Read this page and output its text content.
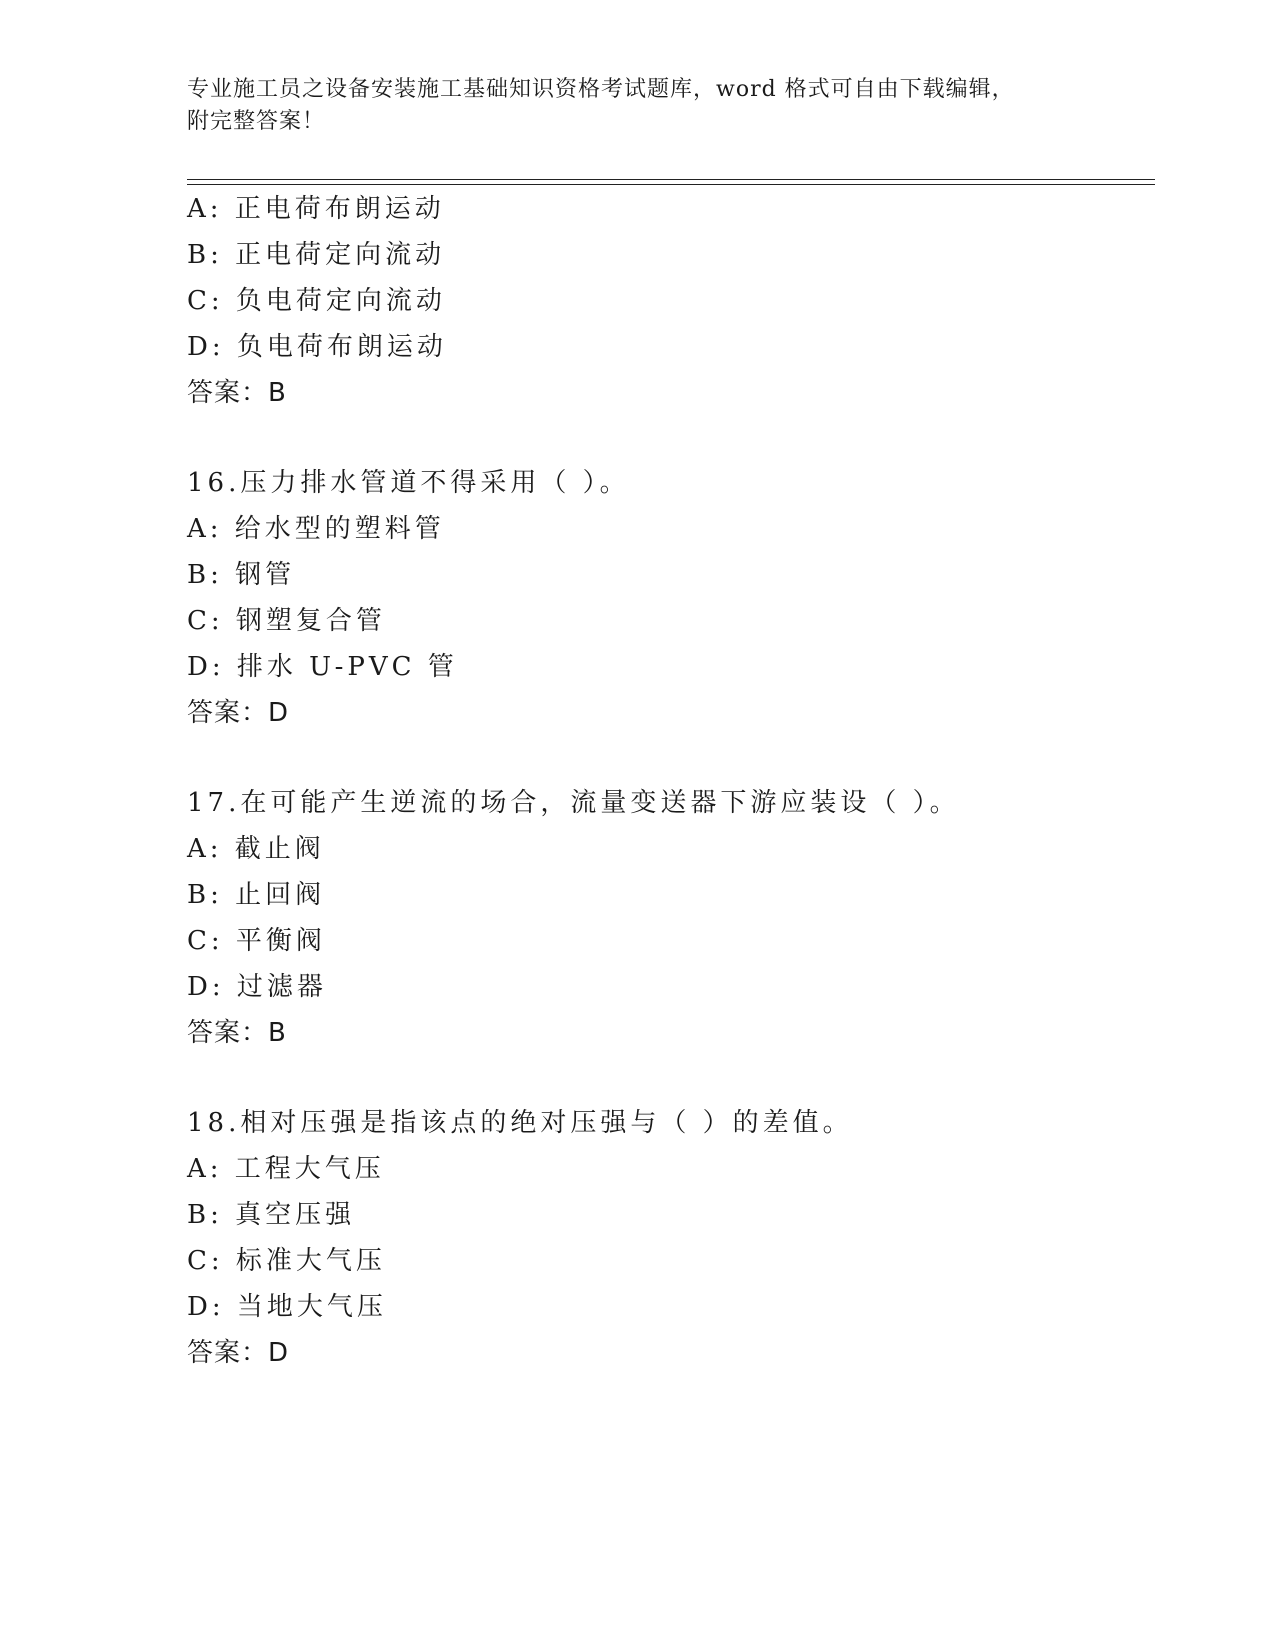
专业施工员之设备安装施工基础知识资格考试题库，word 格式可自由下载编辑，
附完整答案！
A: 正电荷布朗运动
B: 正电荷定向流动
C: 负电荷定向流动
D: 负电荷布朗运动
答案：B
16.压力排水管道不得采用（ ）。
A: 给水型的塑料管
B: 钢管
C: 钢塑复合管
D: 排水 U-PVC 管
答案：D
17.在可能产生逆流的场合，流量变送器下游应装设（ ）。
A: 截止阀
B: 止回阀
C: 平衡阀
D: 过滤器
答案：B
18.相对压强是指该点的绝对压强与（ ）的差值。
A: 工程大气压
B: 真空压强
C: 标准大气压
D: 当地大气压
答案：D
